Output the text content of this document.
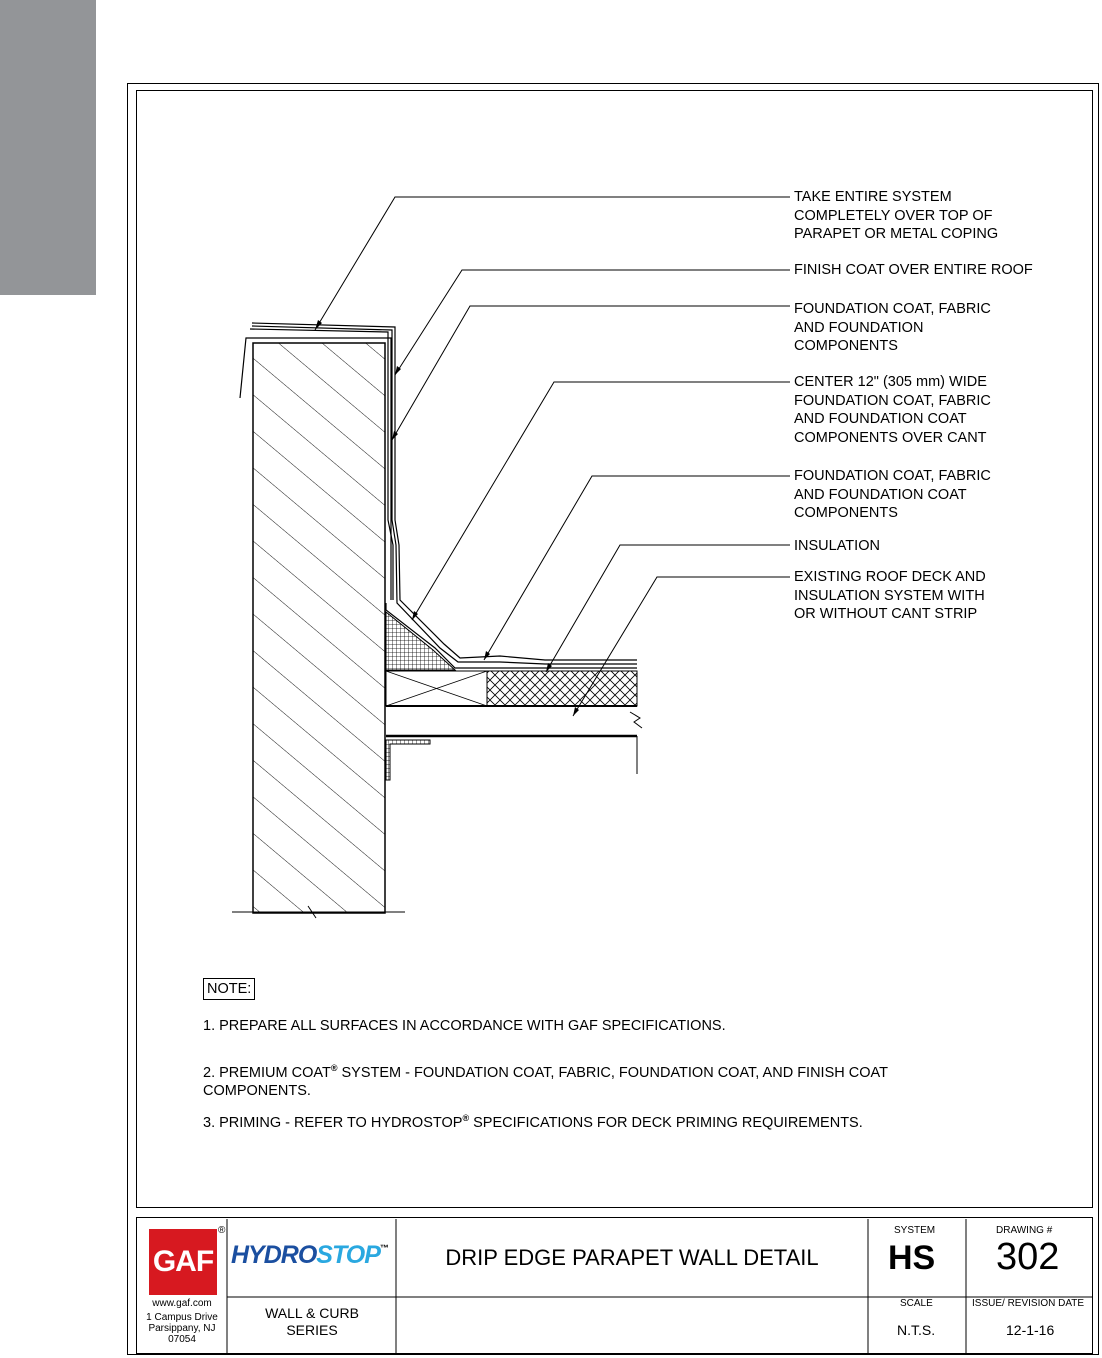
TAKE ENTIRE SYSTEM
COMPLETELY OVER TOP OF
PARAPET OR METAL COPING
FINISH COAT OVER ENTIRE ROOF
FOUNDATION COAT, FABRIC
AND FOUNDATION
COMPONENTS
CENTER 12" (305 mm) WIDE
FOUNDATION COAT, FABRIC
AND FOUNDATION COAT
COMPONENTS OVER CANT
FOUNDATION COAT, FABRIC
AND FOUNDATION COAT
COMPONENTS
INSULATION
EXISTING ROOF DECK AND
INSULATION SYSTEM WITH
OR WITHOUT CANT STRIP
NOTE:
1. PREPARE ALL SURFACES IN ACCORDANCE WITH GAF SPECIFICATIONS.
2. PREMIUM COAT® SYSTEM - FOUNDATION COAT, FABRIC, FOUNDATION COAT, AND FINISH COAT
COMPONENTS.
3. PRIMING - REFER TO HYDROSTOP® SPECIFICATIONS FOR DECK PRIMING REQUIREMENTS.
GAF
®
www.gaf.com
1 Campus Drive
Parsippany, NJ
07054
HYDROSTOP™	DRIP EDGE PARAPET WALL DETAIL
WALL & CURB
SERIES
SYSTEM
HS
DRAWING #
302
SCALE
N.T.S.
ISSUE/ REVISION DATE
12-1-16
